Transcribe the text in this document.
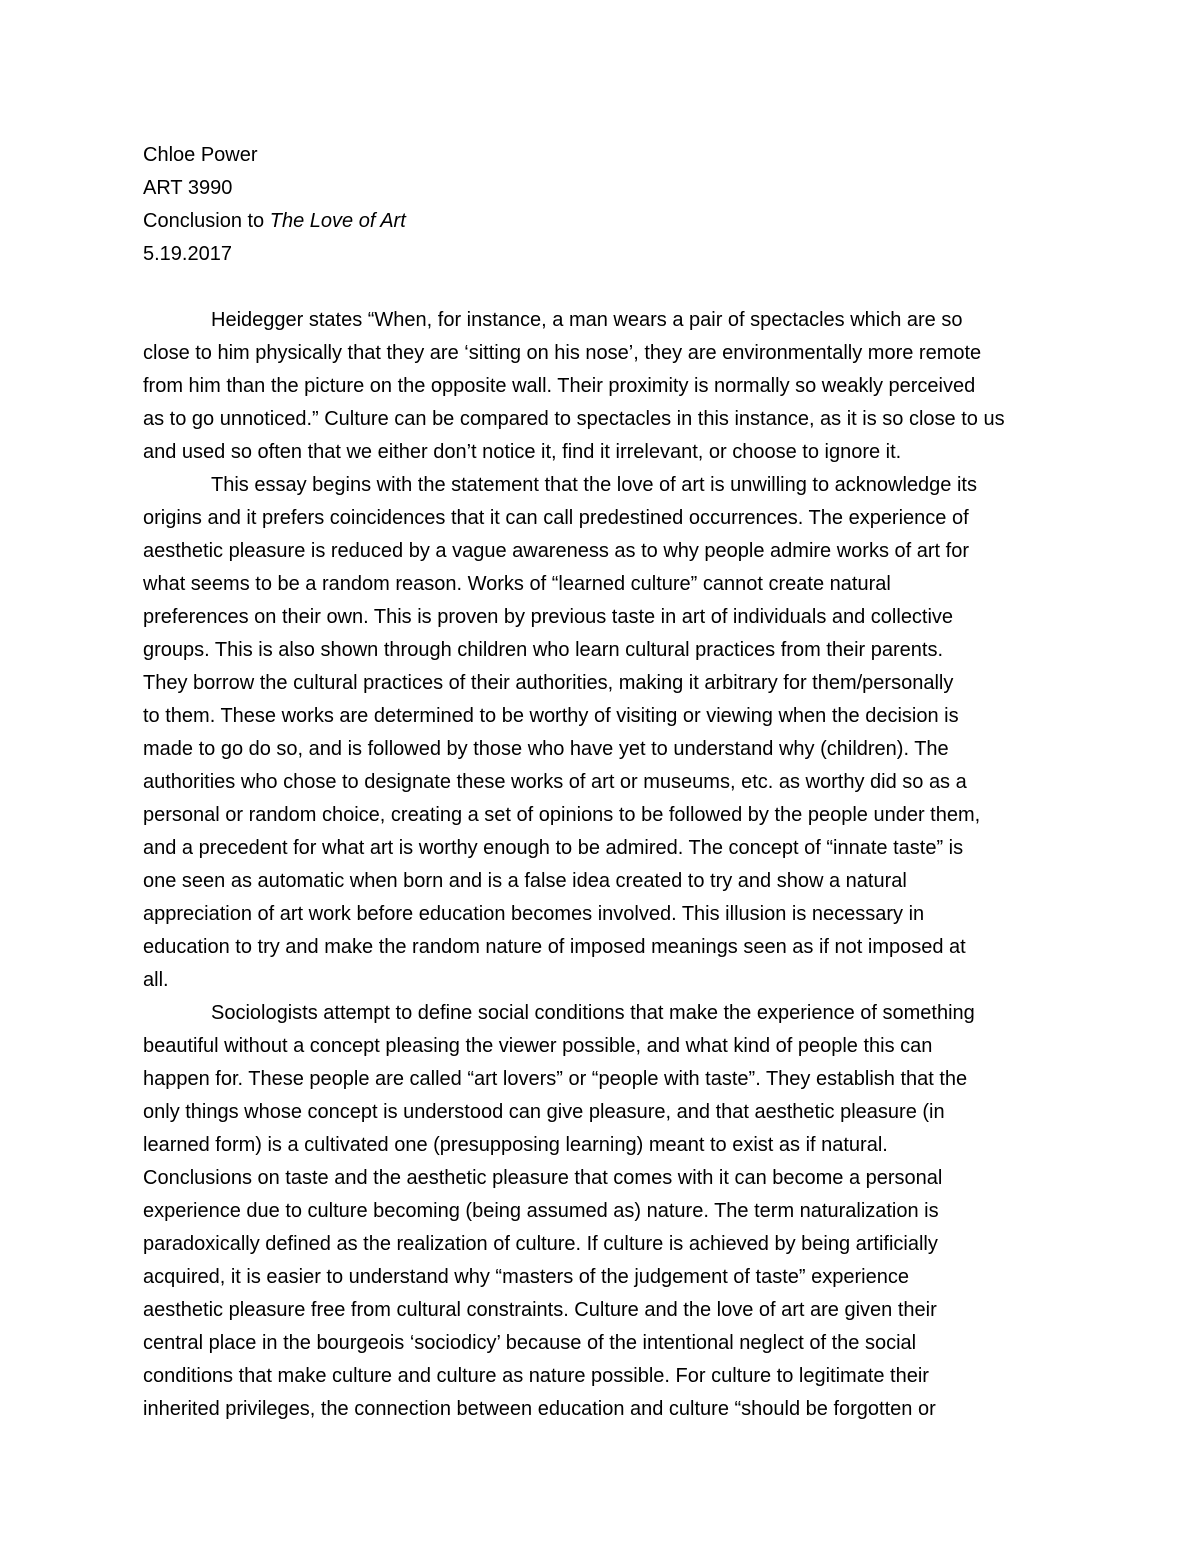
Chloe Power
ART 3990
Conclusion to The Love of Art
5.19.2017
Heidegger states “When, for instance, a man wears a pair of spectacles which are so
close to him physically that they are ‘sitting on his nose’, they are environmentally more remote
from him than the picture on the opposite wall. Their proximity is normally so weakly perceived
as to go unnoticed.” Culture can be compared to spectacles in this instance, as it is so close to us
and used so often that we either don’t notice it, find it irrelevant, or choose to ignore it.
This essay begins with the statement that the love of art is unwilling to acknowledge its
origins and it prefers coincidences that it can call predestined occurrences. The experience of
aesthetic pleasure is reduced by a vague awareness as to why people admire works of art for
what seems to be a random reason. Works of “learned culture” cannot create natural
preferences on their own. This is proven by previous taste in art of individuals and collective
groups. This is also shown through children who learn cultural practices from their parents.
They borrow the cultural practices of their authorities, making it arbitrary for them/personally
to them. These works are determined to be worthy of visiting or viewing when the decision is
made to go do so, and is followed by those who have yet to understand why (children). The
authorities who chose to designate these works of art or museums, etc. as worthy did so as a
personal or random choice, creating a set of opinions to be followed by the people under them,
and a precedent for what art is worthy enough to be admired. The concept of “innate taste” is
one seen as automatic when born and is a false idea created to try and show a natural
appreciation of art work before education becomes involved. This illusion is necessary in
education to try and make the random nature of imposed meanings seen as if not imposed at
all.
Sociologists attempt to define social conditions that make the experience of something
beautiful without a concept pleasing the viewer possible, and what kind of people this can
happen for. These people are called “art lovers” or “people with taste”. They establish that the
only things whose concept is understood can give pleasure, and that aesthetic pleasure (in
learned form) is a cultivated one (presupposing learning) meant to exist as if natural.
Conclusions on taste and the aesthetic pleasure that comes with it can become a personal
experience due to culture becoming (being assumed as) nature. The term naturalization is
paradoxically defined as the realization of culture. If culture is achieved by being artificially
acquired, it is easier to understand why “masters of the judgement of taste” experience
aesthetic pleasure free from cultural constraints. Culture and the love of art are given their
central place in the bourgeois ‘sociodicy’ because of the intentional neglect of the social
conditions that make culture and culture as nature possible. For culture to legitimate their
inherited privileges, the connection between education and culture “should be forgotten or
